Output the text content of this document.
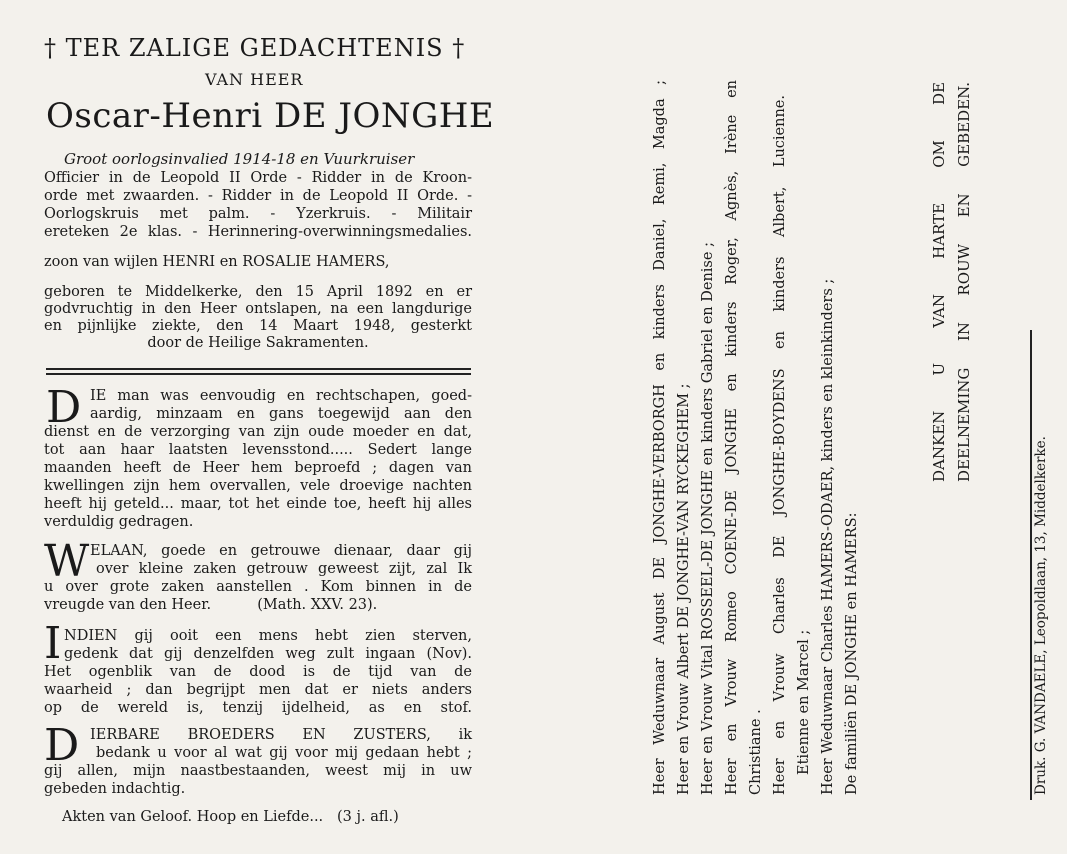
† TER ZALIGE GEDACHTENIS †
VAN HEER
Oscar-Henri DE JONGHE
Groot oorlogsinvalied 1914-18 en Vuurkruiser
Officier in de Leopold II Orde - Ridder in de Kroon-
orde met zwaarden. - Ridder in de Leopold II Orde. -
Oorlogskruis met palm. - Yzerkruis. - Militair
ereteken 2e klas. - Herinnering-overwinningsmedalies.
zoon van wijlen HENRI en ROSALIE HAMERS,
geboren te Middelkerke, den 15 April 1892 en er
godvruchtig in den Heer ontslapen, na een langdurige
en pijnlijke ziekte, den 14 Maart 1948, gesterkt
door de Heilige Sakramenten.
D IE man was eenvoudig en rechtschapen, goed-
aardig, minzaam en gans toegewijd aan den
dienst en de verzorging van zijn oude moeder en dat,
tot aan haar laatsten levensstond..... Sedert lange
maanden heeft de Heer hem beproefd ; dagen van
kwellingen zijn hem overvallen, vele droevige nachten
heeft hij geteld... maar, tot het einde toe, heeft hij alles
verduldig gedragen.
W ELAAN, goede en getrouwe dienaar, daar gij
over kleine zaken getrouw geweest zijt, zal Ik
u over grote zaken aanstellen . Kom binnen in de
vreugde van den Heer.          (Math. XXV. 23).
I NDIEN gij ooit een mens hebt zien sterven,
gedenk dat gij denzelfden weg zult ingaan (Nov).
Het ogenblik van de dood is de tijd van de
waarheid ; dan begrijpt men dat er niets anders
op de wereld is, tenzij ijdelheid, as en stof.
D IERBARE BROEDERS EN ZUSTERS, ik
bedank u voor al wat gij voor mij gedaan hebt ;
gij allen, mijn naastbestaanden, weest mij in uw
gebeden indachtig.
Akten van Geloof. Hoop en Liefde...   (3 j. afl.)
Heer Weduwnaar August DE JONGHE-VERBORGH en kinders Daniel, Remi, Magda ; Heer en Vrouw Albert DE JONGHE-VAN RYCKEGHEM ; Heer en Vrouw Vital ROSSEEL-DE JONGHE en kinders Gabriel en Denise ; Heer en Vrouw Romeo COENE-DE JONGHE en kinders Roger, Agnès, Irène en Christiane . Heer en Vrouw Charles DE JONGHE-BOYDENS en kinders Albert, Lucienne. Etienne en Marcel ; Heer Weduwnaar Charles HAMERS-ODAER, kinders en kleinkinders ; De familiën DE JONGHE en HAMERS:
DANKEN U VAN HARTE OM DE DEELNEMING IN ROUW EN GEBEDEN.
Druk. G. VANDAELE, Leopoldlaan, 13, Middelkerke.
